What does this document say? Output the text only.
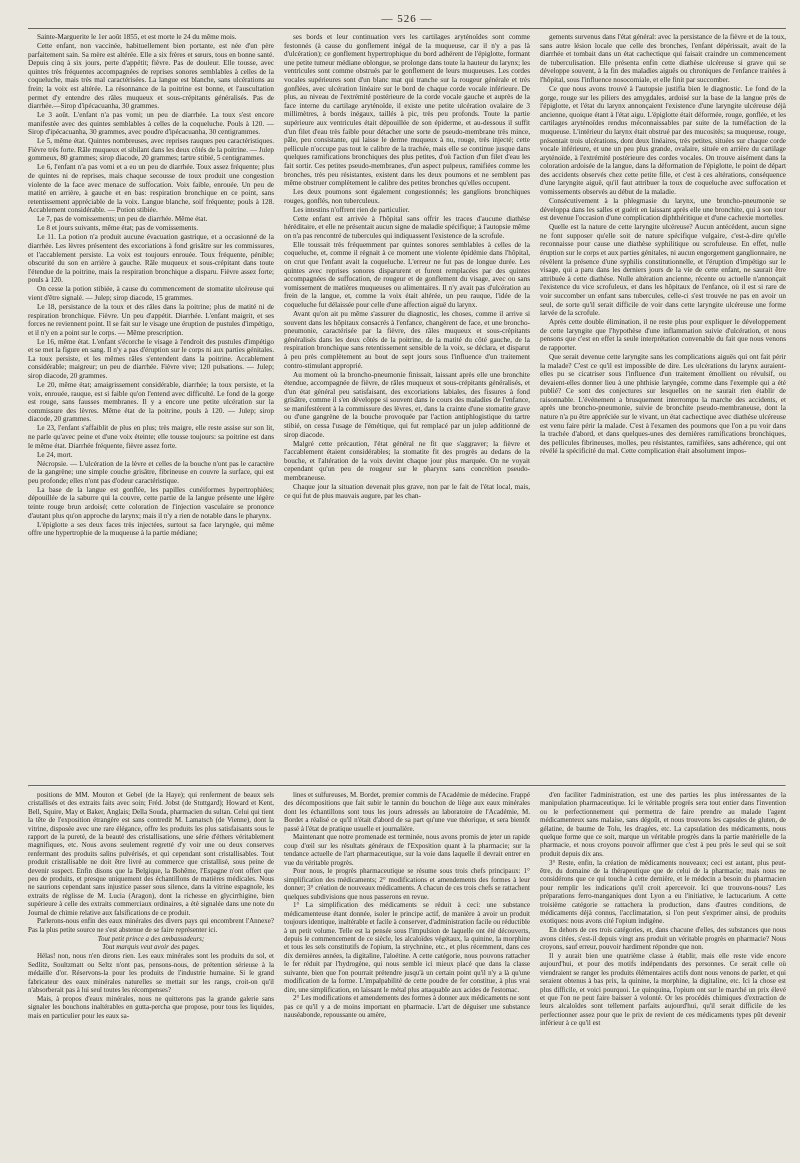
— 526 —

Sainte-Marguerite le 1er août 1855, et est morte le 24 du même mois.

Cette enfant, non vaccinée, habituellement bien portante, est née d'un père parfaitement sain. Sa mère est altérée. Elle a six frères et sœurs, tous en bonne santé. Depuis cinq à six jours, perte d'appétit; fièvre. Pas de douleur. Elle tousse, avec quintes très fréquentes accompagnées de reprises sonores semblables à celles de la coqueluche, mais très mal caractérisées. La langue est blanche, sans ulcérations au frein; la voix est altérée. La résonnance de la poitrine est bonne, et l'auscultation permet d'y entendre des râles muqueux et sous-crépitants généralisés. Pas de diarrhée.—Sirop d'ipécacuanha, 30 grammes.

Le 3 août. L'enfant n'a pas vomi; un peu de diarrhée. La toux s'est encore manifestée avec des quintes semblables à celles de la coqueluche. Pouls à 120. — Sirop d'ipécacuanha, 30 grammes, avec poudre d'ipécacuanha, 30 centigrammes.

Le 5, même état. Quintes nombreuses, avec reprises rauques peu caractéristiques. Fièvre très forte. Râle muqueux et sibilant dans les deux côtés de la poitrine. — Julep gommeux, 80 grammes; sirop diacode, 20 grammes; tartre stibié, 5 centigrammes.

Le 6, l'enfant n'a pas vomi et a eu un peu de diarrhée. Toux assez fréquente; plus de quintes ni de reprises, mais chaque secousse de toux produit une congestion violente de la face avec menace de suffocation. Voix faible, enrouée. Un peu de matité en arrière, à gauche et en bas: respiration bronchique en ce point, sans retentissement appréciable de la voix. Langue blanche, soif fréquente; pouls à 128. Accablement considérable. — Potion stibiée.

Le 7, pas de vomissements; un peu de diarrhée. Même état.

Le 8 et jours suivants, même état; pas de vomissements.

Le 11. La potion n'a produit aucune évacuation gastrique, et a occasionné de la diarrhée. Les lèvres présentent des excoriations à fond grisâtre sur les commissures, et l'accablement persiste. La voix est toujours enrouée. Toux fréquente, pénible; obscurité du son en arrière à gauche. Râle muqueux et sous-crépitant dans toute l'étendue de la poitrine, mais la respiration bronchique a disparu. Fièvre assez forte; pouls à 120.

On cesse la potion stibiée, à cause du commencement de stomatite ulcéreuse qui vient d'être signalé. — Julep; sirop diacode, 15 grammes.

Le 18, persistance de la toux et des râles dans la poitrine; plus de matité ni de respiration bronchique. Fièvre. Un peu d'appétit. Diarrhée. L'enfant maigrit, et ses forces ne reviennent point. Il se fait sur le visage une éruption de pustules d'impétigo, et il n'y en a point sur le corps. — Même prescription.

Le 16, même état. L'enfant s'écorche le visage à l'endroit des pustules d'impétigo et se met la figure en sang. Il n'y a pas d'éruption sur le corps ni aux parties génitales. La toux persiste, et les mêmes râles s'entendent dans la poitrine. Accablement considérable; maigreur; un peu de diarrhée. Fièvre vive; 120 pulsations. — Julep; sirop diacode, 20 grammes.

Le 20, même état; amaigrissement considérable, diarrhée; la toux persiste, et la voix, enrouée, rauque, est si faible qu'on l'entend avec difficulté. Le fond de la gorge est rouge, sans fausses membranes. Il y a encore une petite ulcération sur la commissure des lèvres. Même état de la poitrine, pouls à 120. — Julep; sirop diacode, 20 grammes.

Le 23, l'enfant s'affaiblit de plus en plus; très maigre, elle reste assise sur son lit, ne parle qu'avec peine et d'une voix éteinte; elle tousse toujours: sa poitrine est dans le même état. Diarrhée fréquente, fièvre assez forte.

Le 24, mort.

Nécropsie. — L'ulcération de la lèvre et celles de la bouche n'ont pas le caractère de la gangrène; une simple couche grisâtre, fibrineuse en couvre la surface, qui est peu profonde; elles n'ont pas d'odeur caractéristique.

La base de la langue est gonflée, les papilles cunéiformes hypertrophiées; dépouillée de la saburre qui la couvre, cette partie de la langue présente une légère teinte rouge brun ardoisé; cette coloration de l'injection vasculaire se prononce d'autant plus qu'on approche du larynx; mais il n'y a rien de notable dans le pharynx.

L'épiglotte a ses deux faces très injectées, surtout sa face laryngée, qui même offre une hypertrophie de la muqueuse à la partie médiane;

ses bords et leur continuation vers les cartilages aryténoïdes sont comme festonnés (à cause du gonflement inégal de la muqueuse, car il n'y a pas là d'ulcération); ce gonflement hypertrophique du bord adhérent de l'épiglotte, formant une petite tumeur médiane oblongue, se prolonge dans toute la hauteur du larynx; les ventricules sont comme obstrués par le gonflement de leurs muqueuses. Les cordes vocales supérieures sont d'un blanc mat qui tranche sur la rougeur générale et très gonflées, avec ulcération linéaire sur le bord de chaque corde vocale inférieure. De plus, au niveau de l'extrémité postérieure de la corde vocale gauche et auprès de la face interne du cartilage aryténoïde, il existe une petite ulcération ovalaire de 3 millimètres, à bords inégaux, taillés à pic, très peu profonds. Toute la partie supérieure aux ventricules était dépouillée de son épiderme, et au-dessous il suffit d'un filet d'eau très faible pour détacher une sorte de pseudo-membrane très mince, pâle, peu consistante, qui laisse le derme muqueux à nu, rouge, très injecté; cette pellicule n'occupe pas tout le calibre de la trachée, mais elle se continue jusque dans quelques ramifications bronchiques des plus petites, d'où l'action d'un filet d'eau les fait sortir. Ces petites pseudo-membranes, d'un aspect pulpeux, ramifiées comme les bronches, très peu résistantes, existent dans les deux poumons et ne semblent pas même obstruer complètement le calibre des petites bronches qu'elles occupent.

Les deux poumons sont également congestionnés; les ganglions bronchiques rouges, gonflés, non tuberculeux.

Les intestins n'offrent rien de particulier.

Cette enfant est arrivée à l'hôpital sans offrir les traces d'aucune diathèse héréditaire, et elle ne présentait aucun signe de maladie spécifique; à l'autopsie même on n'a pas rencontré de tubercules qui indiquassent l'existence de la scrofule.

Elle toussait très fréquemment par quintes sonores semblables à celles de la coqueluche, et, comme il régnait à ce moment une violente épidémie dans l'hôpital, on crut que l'enfant avait la coqueluche. L'erreur ne fut pas de longue durée. Les quintes avec reprises sonores disparurent et furent remplacées par des quintes accompagnées de suffocation, de rougeur et de gonflement du visage, avec ou sans vomissement de matières muqueuses ou alimentaires. Il n'y avait pas d'ulcération au frein de la langue, et, comme la voix était altérée, un peu rauque, l'idée de la coqueluche fut délaissée pour celle d'une affection aiguë du larynx.

Avant qu'on ait pu même s'assurer du diagnostic, les choses, comme il arrive si souvent dans les hôpitaux consacrés à l'enfance, changèrent de face, et une broncho-pneumonie, caractérisée par la fièvre, des râles muqueux et sous-crépitants généralisés dans les deux côtés de la poitrine, de la matité du côté gauche, de la respiration bronchique sans retentissement sensible de la voix, se déclara, et disparut à peu près complètement au bout de sept jours sous l'influence d'un traitement contro-stimulant approprié.

Au moment où la broncho-pneumonie finissait, laissant après elle une bronchite étendue, accompagnée de fièvre, de râles muqueux et sous-crépitants généralisés, et d'un état général peu satisfaisant, des excoriations labiales, des fissures à fond grisâtre, comme il s'en développe si souvent dans le cours des maladies de l'enfance, se manifestèrent à la commissure des lèvres, et, dans la crainte d'une stomatite grave ou d'une gangrène de la bouche provoquée par l'action antiphlogistique du tartre stibié, on cessa l'usage de l'émétique, qui fut remplacé par un julep additionné de sirop diacode.

Malgré cette précaution, l'état général ne fit que s'aggraver; la fièvre et l'accablement étaient considérables; la stomatite fit des progrès au dedans de la bouche, et l'altération de la voix devint chaque jour plus marquée. On ne voyait cependant qu'un peu de rougeur sur le pharynx sans concrétion pseudo-membraneuse.

Chaque jour la situation devenait plus grave, non par le fait de l'état local, mais, ce qui fut de plus mauvais augure, par les chan-

gements survenus dans l'état général: avec la persistance de la fièvre et de la toux, sans autre lésion locale que celle des bronches, l'enfant dépérissait, avait de la diarrhée et tombait dans un état cachectique qui faisait craindre un commencement de tuberculisation. Elle présenta enfin cette diathèse ulcéreuse si grave qui se développe souvent, à la fin des maladies aiguës ou chroniques de l'enfance traitées à l'hôpital, sous l'influence nosocomiale, et elle finit par succomber.

Ce que nous avons trouvé à l'autopsie justifia bien le diagnostic. Le fond de la gorge, rouge sur les piliers des amygdales, ardoisé sur la base de la langue près de l'épiglotte, et l'état du larynx annonçaient l'existence d'une laryngite ulcéreuse déjà ancienne, quoique étant à l'état aigu. L'épiglotte était déformée, rouge, gonflée, et les cartilages aryténoïdes rendus méconnaissables par suite de la tuméfaction de la muqueuse. L'intérieur du larynx était obstrué par des mucosités; sa muqueuse, rouge, présentait trois ulcérations, dont deux linéaires, très petites, situées sur chaque corde vocale inférieure, et une un peu plus grande, ovalaire, située en arrière du cartilage aryténoïde, à l'extrémité postérieure des cordes vocales. On trouve aisément dans la coloration ardoisée de la langue, dans la déformation de l'épiglotte, le point de départ des accidents observés chez cette petite fille, et c'est à ces altérations, conséquence d'une laryngite aiguë, qu'il faut attribuer la toux de coqueluche avec suffocation et vomissements observés au début de la maladie.

Consécutivement à la phlegmasie du larynx, une broncho-pneumonie se développa dans les salles et guérit en laissant après elle une bronchite, qui à son tour est devenue l'occasion d'une complication diphthéritique et d'une cachexie mortelles.

Quelle est la nature de cette laryngite ulcéreuse? Aucun antécédent, aucun signe ne font supposer qu'elle soit de nature spécifique vulgaire, c'est-à-dire qu'elle reconnaisse pour cause une diathèse syphilitique ou scrofuleuse. En effet, nulle éruption sur le corps et aux parties génitales, ni aucun engorgement ganglionnaire, ne révèlent la présence d'une syphilis constitutionnelle, et l'éruption d'impétigo sur le visage, qui a paru dans les derniers jours de la vie de cette enfant, ne saurait être attribuée à cette diathèse. Nulle altération ancienne, récente ou actuelle n'annonçait l'existence du vice scrofuleux, et dans les hôpitaux de l'enfance, où il est si rare de voir succomber un enfant sans tubercules, celle-ci s'est trouvée ne pas en avoir un seul, de sorte qu'il serait difficile de voir dans cette laryngite ulcéreuse une forme larvée de la scrofule.

Après cette double élimination, il ne reste plus pour expliquer le développement de cette laryngite que l'hypothèse d'une inflammation suivie d'ulcération, et nous pensons que c'est en effet la seule interprétation convenable du fait que nous venons de rapporter.

Que serait devenue cette laryngite sans les complications aiguës qui ont fait périr la malade? C'est ce qu'il est impossible de dire. Les ulcérations du larynx auraient-elles pu se cicatriser sous l'influence d'un traitement émollient ou révulsif, ou devaient-elles donner lieu à une phthisie laryngée, comme dans l'exemple qui a été publié? Ce sont des conjectures sur lesquelles on ne saurait rien établir de raisonnable. L'événement a brusquement interrompu la marche des accidents, et après une broncho-pneumonie, suivie de bronchite pseudo-membraneuse, dont la nature n'a pu être appréciée sur le vivant, un état cachectique avec diathèse ulcéreuse est venu faire périr la malade. C'est à l'examen des poumons que l'on a pu voir dans la trachée d'abord, et dans quelques-unes des dernières ramifications bronchiques, des pellicules fibrineuses, molles, peu résistantes, ramifiées, sans adhérence, qui ont révélé la spécificité du mal. Cette complication était absolument impos-

positions de MM. Mouton et Gebel (de la Haye); qui renferment de beaux sels cristallisés et des extraits faits avec soin; Fréd. Jobst (de Stuttgard); Howard et Kent, Bell, Squire, May et Baker, Anglais; Della Souda, pharmacien du sultan. Celui qui tient la tête de l'exposition étrangère est sans contredit M. Lamatsch (de Vienne), dont la vitrine, disposée avec une rare élégance, offre les produits les plus satisfaisants sous le rapport de la pureté, de la beauté des cristallisations, une série d'éthers véritablement magnifiques, etc. Nous avons seulement regretté d'y voir une ou deux conserves renfermant des produits salins pulvérisés, et qui cependant sont cristallisables. Tout produit cristallisable ne doit être livré au commerce que cristallisé, sous peine de devenir suspect. Enfin disons que la Belgique, la Bohême, l'Espagne n'ont offert que peu de produits, et presque uniquement des échantillons de matières médicales. Nous ne saurions cependant sans injustice passer sous silence, dans la vitrine espagnole, les extraits de réglisse de M. Lucia (Aragon), dont la richesse en glycirrhigine, bien supérieure à celle des extraits commerciaux ordinaires, a été signalée dans une note du Journal de chimie relative aux falsifications de ce produit.

Parlerons-nous enfin des eaux minérales des divers pays qui encombrent l'Annexe? Pas la plus petite source ne s'est abstenue de se faire représenter ici.

Tout petit prince a des ambassadeurs;

Tout marquis veut avoir des pages.

Hélas! non, nous n'en dirons rien. Les eaux minérales sont les produits du sol, et Sedlitz, Soultzmatt ou Seltz n'ont pas, pensons-nous, de prétention sérieuse à la médaille d'or. Réservons-la pour les produits de l'industrie humaine. Si le grand fabricateur des eaux minérales naturelles se mettait sur les rangs, croit-on qu'il n'absorberait pas à lui seul toutes les récompenses?

Mais, à propos d'eaux minérales, nous ne quitterons pas la grande galerie sans signaler les bouchons inaltérables en gutta-percha que propose, pour tous les liquides, mais en particulier pour les eaux sa-

lines et sulfureuses, M. Bordet, premier commis de l'Académie de médecine. Frappé des décompositions que fait subir le tannin du bouchon de liège aux eaux minérales dont les échantillons sont tous les jours adressés au laboratoire de l'Académie, M. Bordet a réalisé ce qu'il n'était d'abord de sa part qu'une vue théorique, et sera bientôt passé à l'état de pratique usuelle et journalière.

Maintenant que notre promenade est terminée, nous avons promis de jeter un rapide coup d'œil sur les résultats généraux de l'Exposition quant à la pharmacie; sur la tendance actuelle de l'art pharmaceutique, sur la voie dans laquelle il devrait entrer en vue du véritable progrès.

Pour nous, le progrès pharmaceutique se résume sous trois chefs principaux: 1° simplification des médicaments; 2° modifications et amendements des formes à leur donner; 3° création de nouveaux médicaments. A chacun de ces trois chefs se rattachent quelques subdivisions que nous passerons en revue.

1° La simplification des médicaments se réduit à ceci: une substance médicamenteuse étant donnée, isoler le principe actif, de manière à avoir un produit toujours identique, inaltérable et facile à conserver, d'administration facile ou réductible à un petit volume. Telle est la pensée sous l'impulsion de laquelle ont été découverts, depuis le commencement de ce siècle, les alcaloïdes végétaux, la quinine, la morphine et tous les sels constitutifs de l'opium, la strychnine, etc., et plus récemment, dans ces dix dernières années, la digitaline, l'aloétine. A cette catégorie, nous pouvons rattacher le fer réduit par l'hydrogène, qui nous semble ici mieux placé que dans la classe suivante, bien que l'on pourrait prétendre jusqu'à un certain point qu'il n'y a là qu'une modification de la forme. L'impalpabilité de cette poudre de fer constitue, à plus vrai dire, une simplification, en laissant le métal plus attaquable aux acides de l'estomac.

2° Les modifications et amendements des formes à donner aux médicaments ne sont pas ce qu'il y a de moins important en pharmacie. L'art de déguiser une substance nauséabonde, repoussante ou amère,

d'en faciliter l'administration, est une des parties les plus intéressantes de la manipulation pharmaceutique. Ici le véritable progrès sera tout entier dans l'invention ou le perfectionnement qui permettra de faire prendre au malade l'agent médicamenteux sans malaise, sans dégoût, et nous trouvons les capsules de gluten, de gélatine, de baume de Tolu, les dragées, etc. La capsulation des médicaments, nous quelque forme que ce soit, marque un véritable progrès dans la partie matérielle de la pharmacie, et nous croyons pouvoir affirmer que c'est à peu près le seul qui se soit produit depuis dix ans.

3° Reste, enfin, la création de médicaments nouveaux; ceci est autant, plus peut-être, du domaine de la thérapeutique que de celui de la pharmacie; mais nous ne considérons que ce qui touche à cette dernière, et le médecin a besoin du pharmacien pour remplir les indications qu'il croit apercevoir. Ici que trouvons-nous? Les préparations ferro-manganiques dont Lyon a eu l'initiative, le lactucarium. A cette troisième catégorie se rattachera la production, dans d'autres conditions, de médicaments déjà connus, l'acclimatation, si l'on peut s'exprimer ainsi, de produits exotiques: nous avons cité l'opium indigène.

En dehors de ces trois catégories, et, dans chacune d'elles, des substances que nous avons citées, s'est-il depuis vingt ans produit un véritable progrès en pharmacie? Nous croyons, sauf erreur, pouvoir hardiment répondre que non.

Il y aurait bien une quatrième classe à établir, mais elle reste vide encore aujourd'hui, et pour des motifs indépendants des personnes. Ce serait celle où viendraient se ranger les produits élémentaires actifs dont nous venons de parler, et qui seraient obtenus à bas prix, la quinine, la morphine, la digitaline, etc. Ici la chose est plus difficile, et voici pourquoi. Le quinquina, l'opium ont sur le marché un prix élevé et que l'on ne peut faire baisser à volonté. Or les procédés chimiques d'extraction de leurs alcaloïdes sont tellement parfaits aujourd'hui, qu'il serait difficile de les perfectionner assez pour que le prix de revient de ces médicaments types pût devenir inférieur à ce qu'il est
